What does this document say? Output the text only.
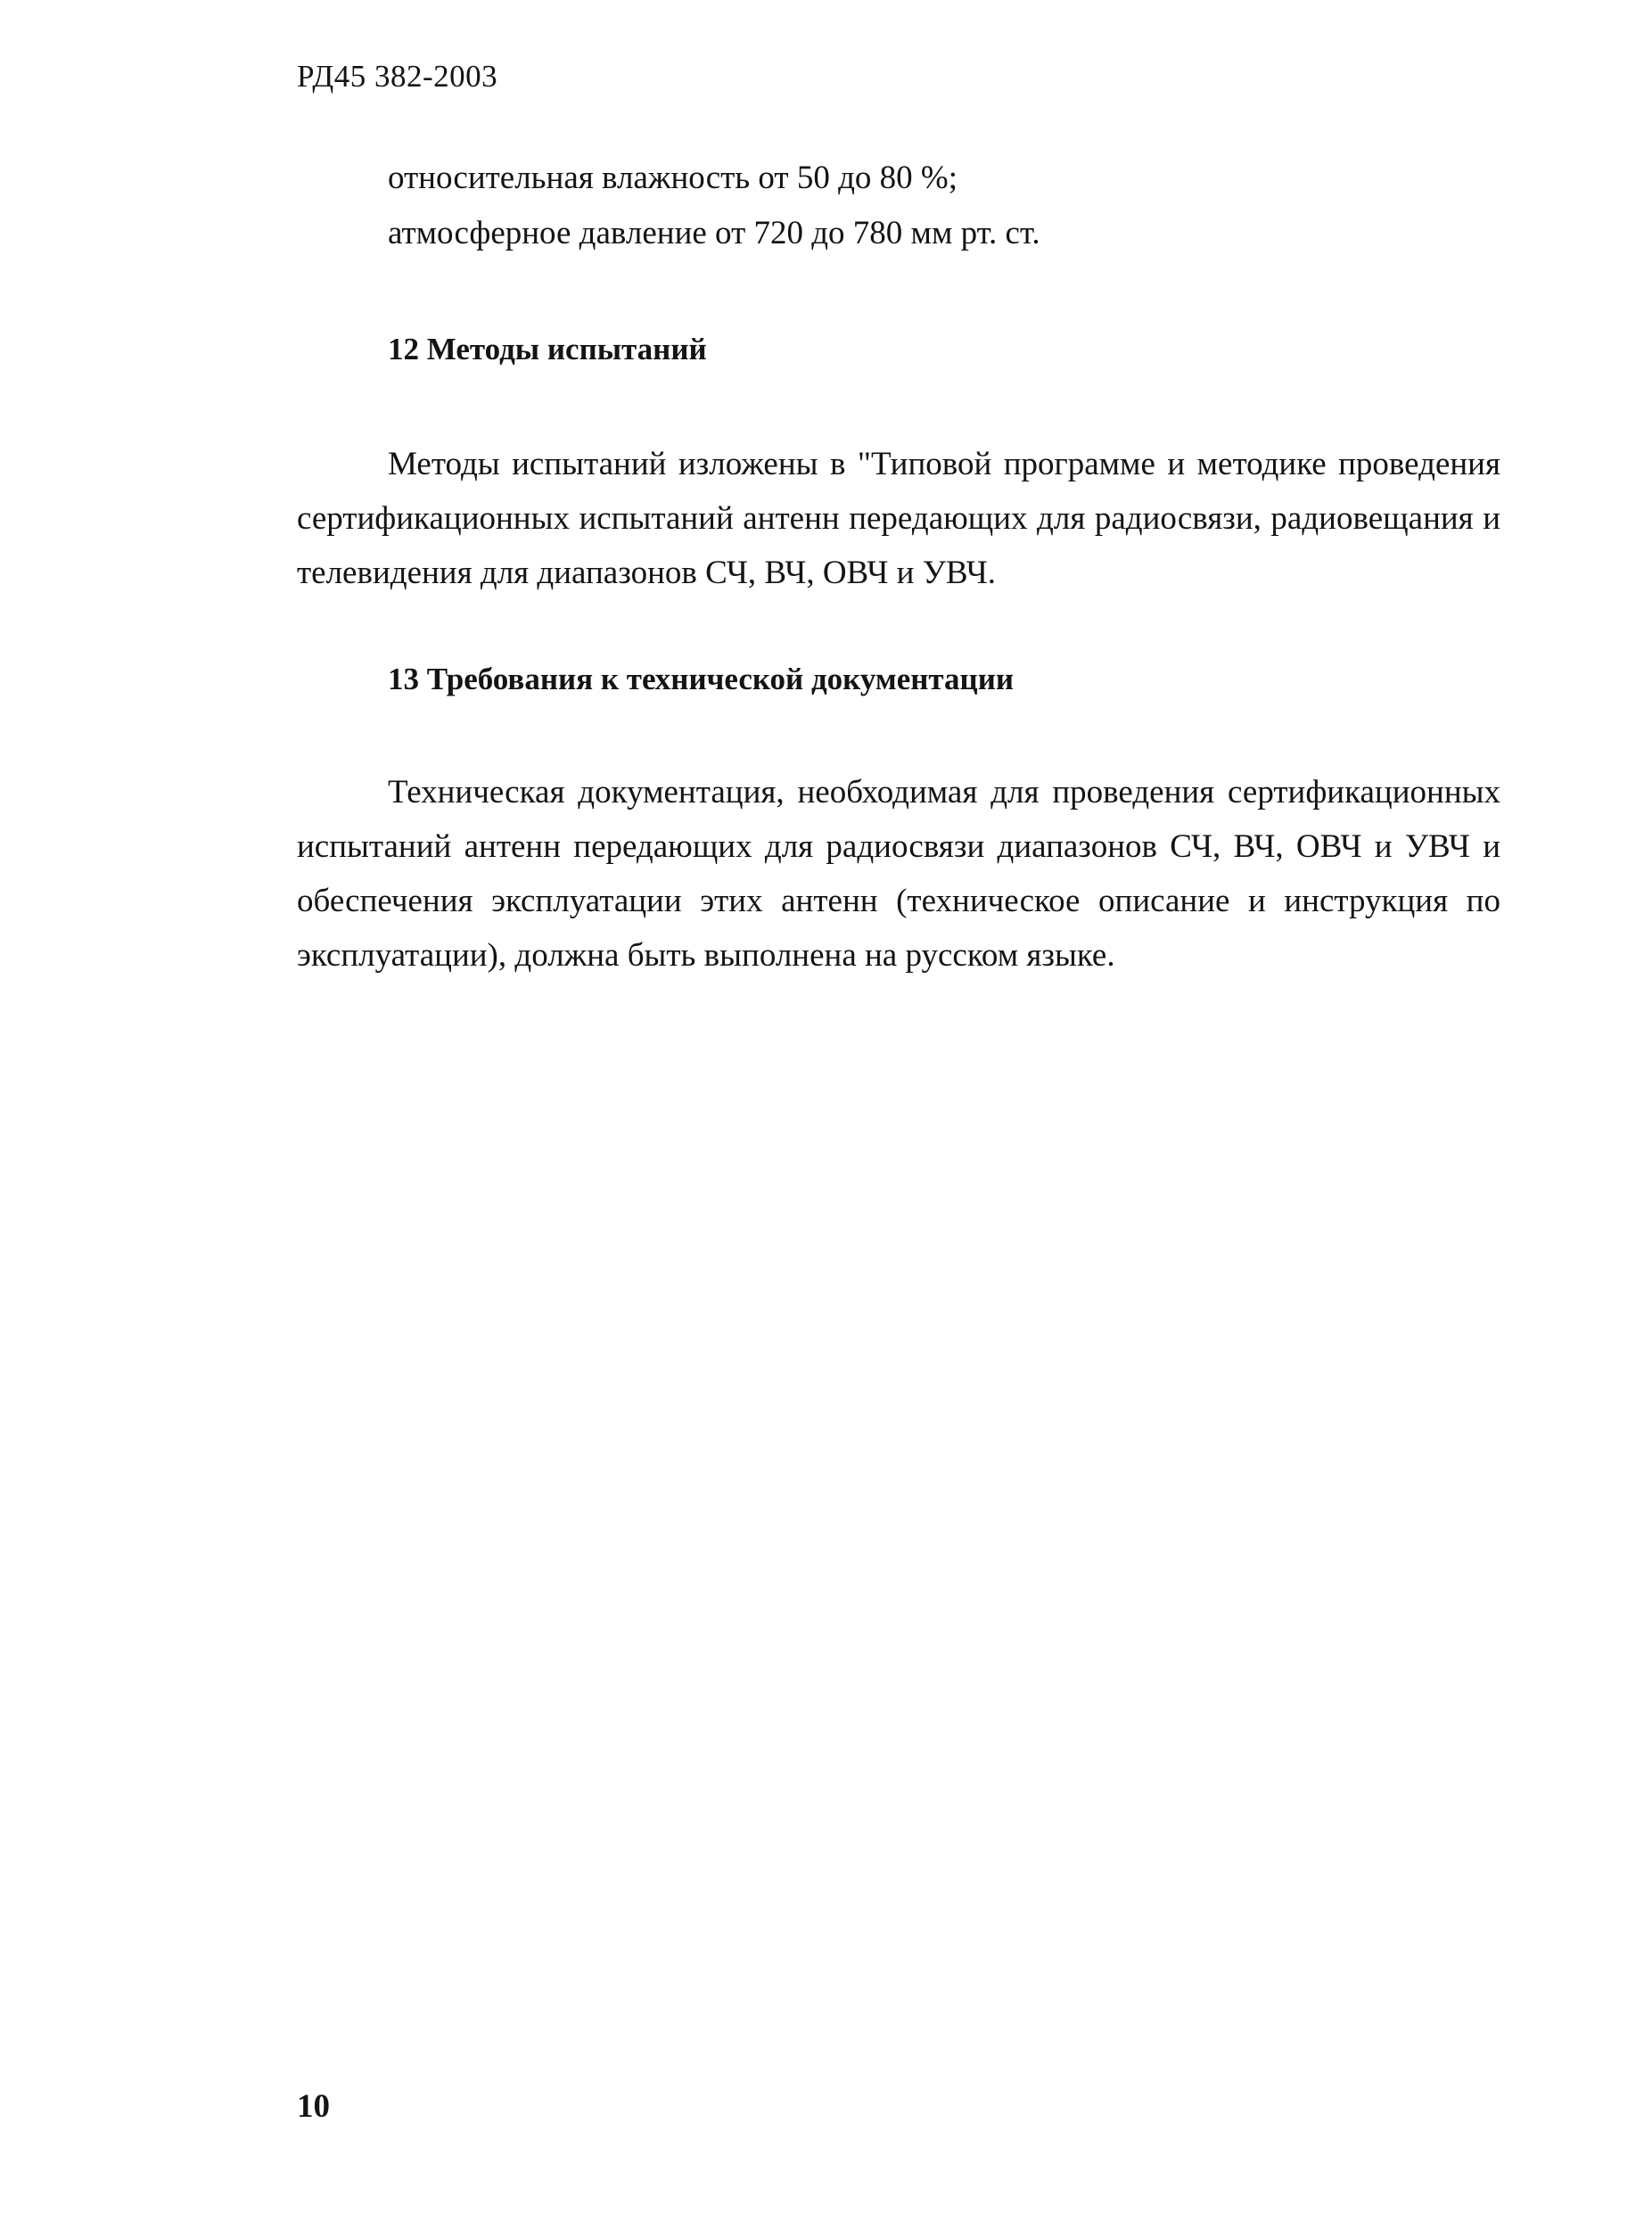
РД45 382-2003
относительная влажность от 50 до 80 %;
атмосферное давление от 720 до 780 мм рт. ст.
12 Методы испытаний

Методы испытаний изложены в "Типовой программе и методике проведения сертификационных испытаний антенн передающих для радиосвязи, радиовещания и телевидения для диапазонов СЧ, ВЧ, ОВЧ и УВЧ.

13 Требования к технической документации

Техническая документация, необходимая для проведения сертификационных испытаний антенн передающих для радиосвязи диапазонов СЧ, ВЧ, ОВЧ и УВЧ и обеспечения эксплуатации этих антенн (техническое описание и инструкция по эксплуатации), должна быть выполнена на русском языке.

10
